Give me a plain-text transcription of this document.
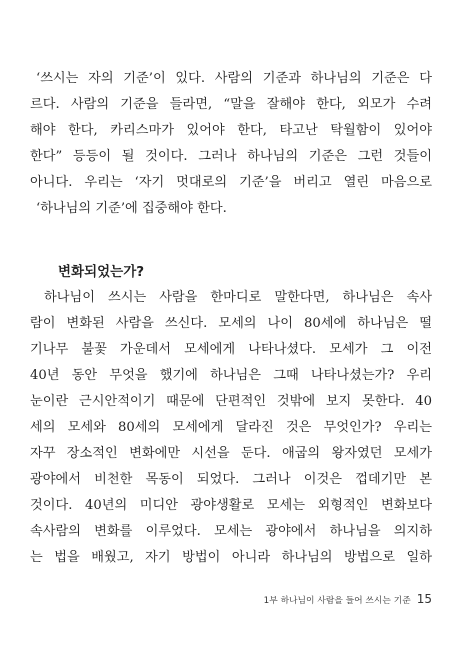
‘쓰시는 자의 기준’이 있다. 사람의 기준과 하나님의 기준은 다
르다. 사람의 기준을 들라면, “말을 잘해야 한다, 외모가 수려
해야 한다, 카리스마가 있어야 한다, 타고난 탁월함이 있어야
한다” 등등이 될 것이다. 그러나 하나님의 기준은 그런 것들이
아니다. 우리는 ‘자기 멋대로의 기준’을 버리고 열린 마음으로
‘하나님의 기준’에 집중해야 한다.
변화되었는가?
하나님이 쓰시는 사람을 한마디로 말한다면, 하나님은 속사
람이 변화된 사람을 쓰신다. 모세의 나이 80세에 하나님은 떨
기나무 불꽃 가운데서 모세에게 나타나셨다. 모세가 그 이전
40년 동안 무엇을 했기에 하나님은 그때 나타나셨는가? 우리
눈이란 근시안적이기 때문에 단편적인 것밖에 보지 못한다. 40
세의 모세와 80세의 모세에게 달라진 것은 무엇인가? 우리는
자꾸 장소적인 변화에만 시선을 둔다. 애굽의 왕자였던 모세가
광야에서 비천한 목동이 되었다. 그러나 이것은 껍데기만 본
것이다. 40년의 미디안 광야생활로 모세는 외형적인 변화보다
속사람의 변화를 이루었다. 모세는 광야에서 하나님을 의지하
는 법을 배웠고, 자기 방법이 아니라 하나님의 방법으로 일하
1부 하나님이 사람을 들어 쓰시는 기준 15
